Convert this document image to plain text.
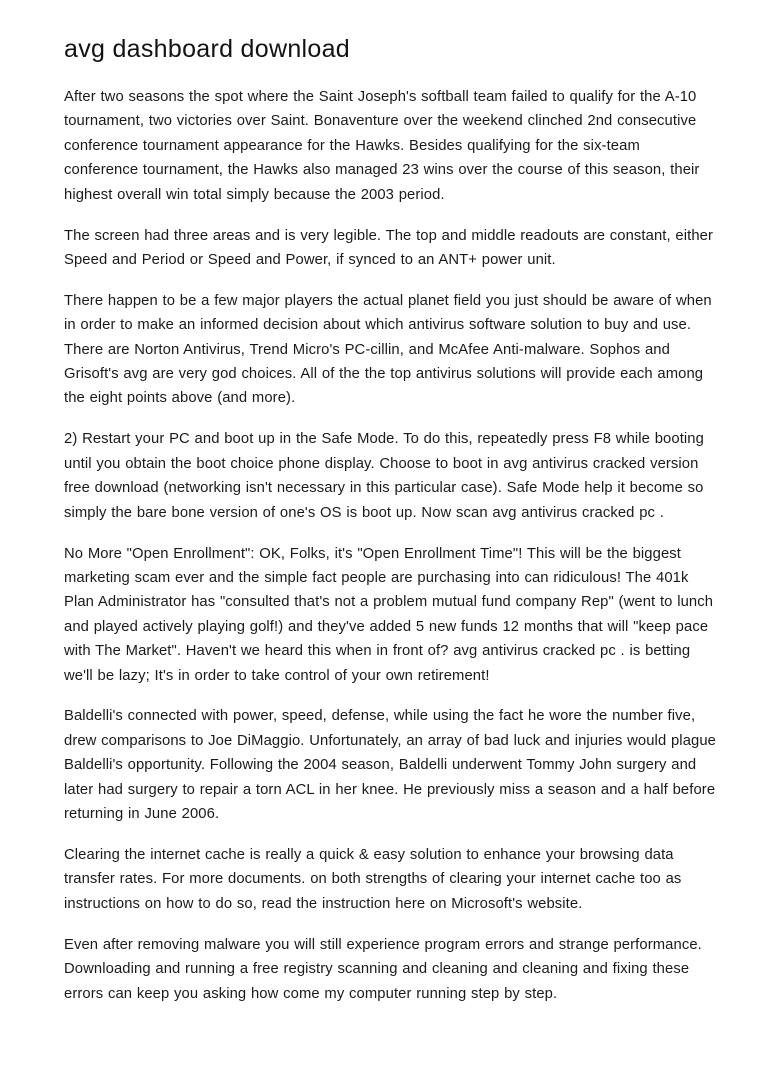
avg dashboard download

After two seasons the spot where the Saint Joseph's softball team failed to qualify for the A-10 tournament, two victories over Saint. Bonaventure over the weekend clinched 2nd consecutive conference tournament appearance for the Hawks. Besides qualifying for the six-team conference tournament, the Hawks also managed 23 wins over the course of this season, their highest overall win total simply because the 2003 period.

The screen had three areas and is very legible. The top and middle readouts are constant, either Speed and Period or Speed and Power, if synced to an ANT+ power unit.

There happen to be a few major players the actual planet field you just should be aware of when in order to make an informed decision about which antivirus software solution to buy and use. There are Norton Antivirus, Trend Micro's PC-cillin, and McAfee Anti-malware. Sophos and Grisoft's avg are very god choices. All of the the top antivirus solutions will provide each among the eight points above (and more).

2) Restart your PC and boot up in the Safe Mode. To do this, repeatedly press F8 while booting until you obtain the boot choice phone display. Choose to boot in avg antivirus cracked version free download (networking isn't necessary in this particular case). Safe Mode help it become so simply the bare bone version of one's OS is boot up. Now scan avg antivirus cracked pc .

No More "Open Enrollment": OK, Folks, it's "Open Enrollment Time"! This will be the biggest marketing scam ever and the simple fact people are purchasing into can ridiculous! The 401k Plan Administrator has "consulted that's not a problem mutual fund company Rep" (went to lunch and played actively playing golf!) and they've added 5 new funds 12 months that will "keep pace with The Market". Haven't we heard this when in front of? avg antivirus cracked pc . is betting we'll be lazy; It's in order to take control of your own retirement!

Baldelli's connected with power, speed, defense, while using the fact he wore the number five, drew comparisons to Joe DiMaggio. Unfortunately, an array of bad luck and injuries would plague Baldelli's opportunity. Following the 2004 season, Baldelli underwent Tommy John surgery and later had surgery to repair a torn ACL in her knee. He previously miss a season and a half before returning in June 2006.

Clearing the internet cache is really a quick & easy solution to enhance your browsing data transfer rates. For more documents. on both strengths of clearing your internet cache too as instructions on how to do so, read the instruction here on Microsoft's website.

Even after removing malware you will still experience program errors and strange performance. Downloading and running a free registry scanning and cleaning and cleaning and fixing these errors can keep you asking how come my computer running step by step.
